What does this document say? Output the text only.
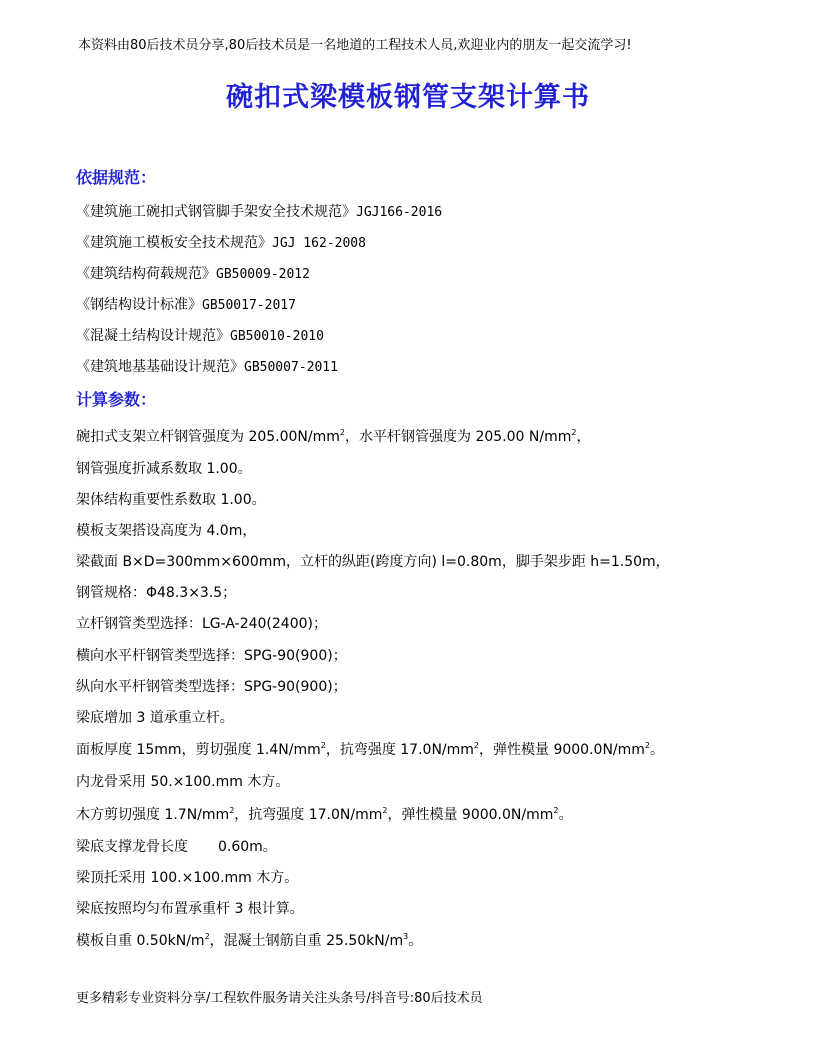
本资料由80后技术员分享,80后技术员是一名地道的工程技术人员,欢迎业内的朋友一起交流学习!
碗扣式梁模板钢管支架计算书
依据规范：
《建筑施工碗扣式钢管脚手架安全技术规范》JGJ166-2016
《建筑施工模板安全技术规范》JGJ 162-2008
《建筑结构荷载规范》GB50009-2012
《钢结构设计标准》GB50017-2017
《混凝土结构设计规范》GB50010-2010
《建筑地基基础设计规范》GB50007-2011
计算参数：
碗扣式支架立杆钢管强度为 $205.00N/mm^2$，水平杆钢管强度为 205.00 $N/mm^2$，
钢管强度折减系数取 1.00。
架体结构重要性系数取 1.00。
模板支架搭设高度为 4.0m，
梁截面 B×D=300mm×600mm，立杆的纵距(跨度方向) l=0.80m，脚手架步距 h=1.50m，
钢管规格：Φ48.3×3.5；
立杆钢管类型选择：LG-A-240(2400)；
横向水平杆钢管类型选择：SPG-90(900)；
纵向水平杆钢管类型选择：SPG-90(900)；
梁底增加 3 道承重立杆。
面板厚度 15mm，剪切强度 $1.4N/mm^2$，抗弯强度 $17.0N/mm^2$，弹性模量 $9000.0N/mm^2$。
内龙骨采用 50.×100.mm 木方。
木方剪切强度 $1.7N/mm^2$，抗弯强度 $17.0N/mm^2$，弹性模量 $9000.0N/mm^2$。
梁底支撑龙骨长度 0.60m。
梁顶托采用 100.×100.mm 木方。
梁底按照均匀布置承重杆 3 根计算。
模板自重 $0.50kN/m^2$，混凝土钢筋自重 $25.50kN/m^3$。
更多精彩专业资料分享/工程软件服务请关注头条号/抖音号:80后技术员
